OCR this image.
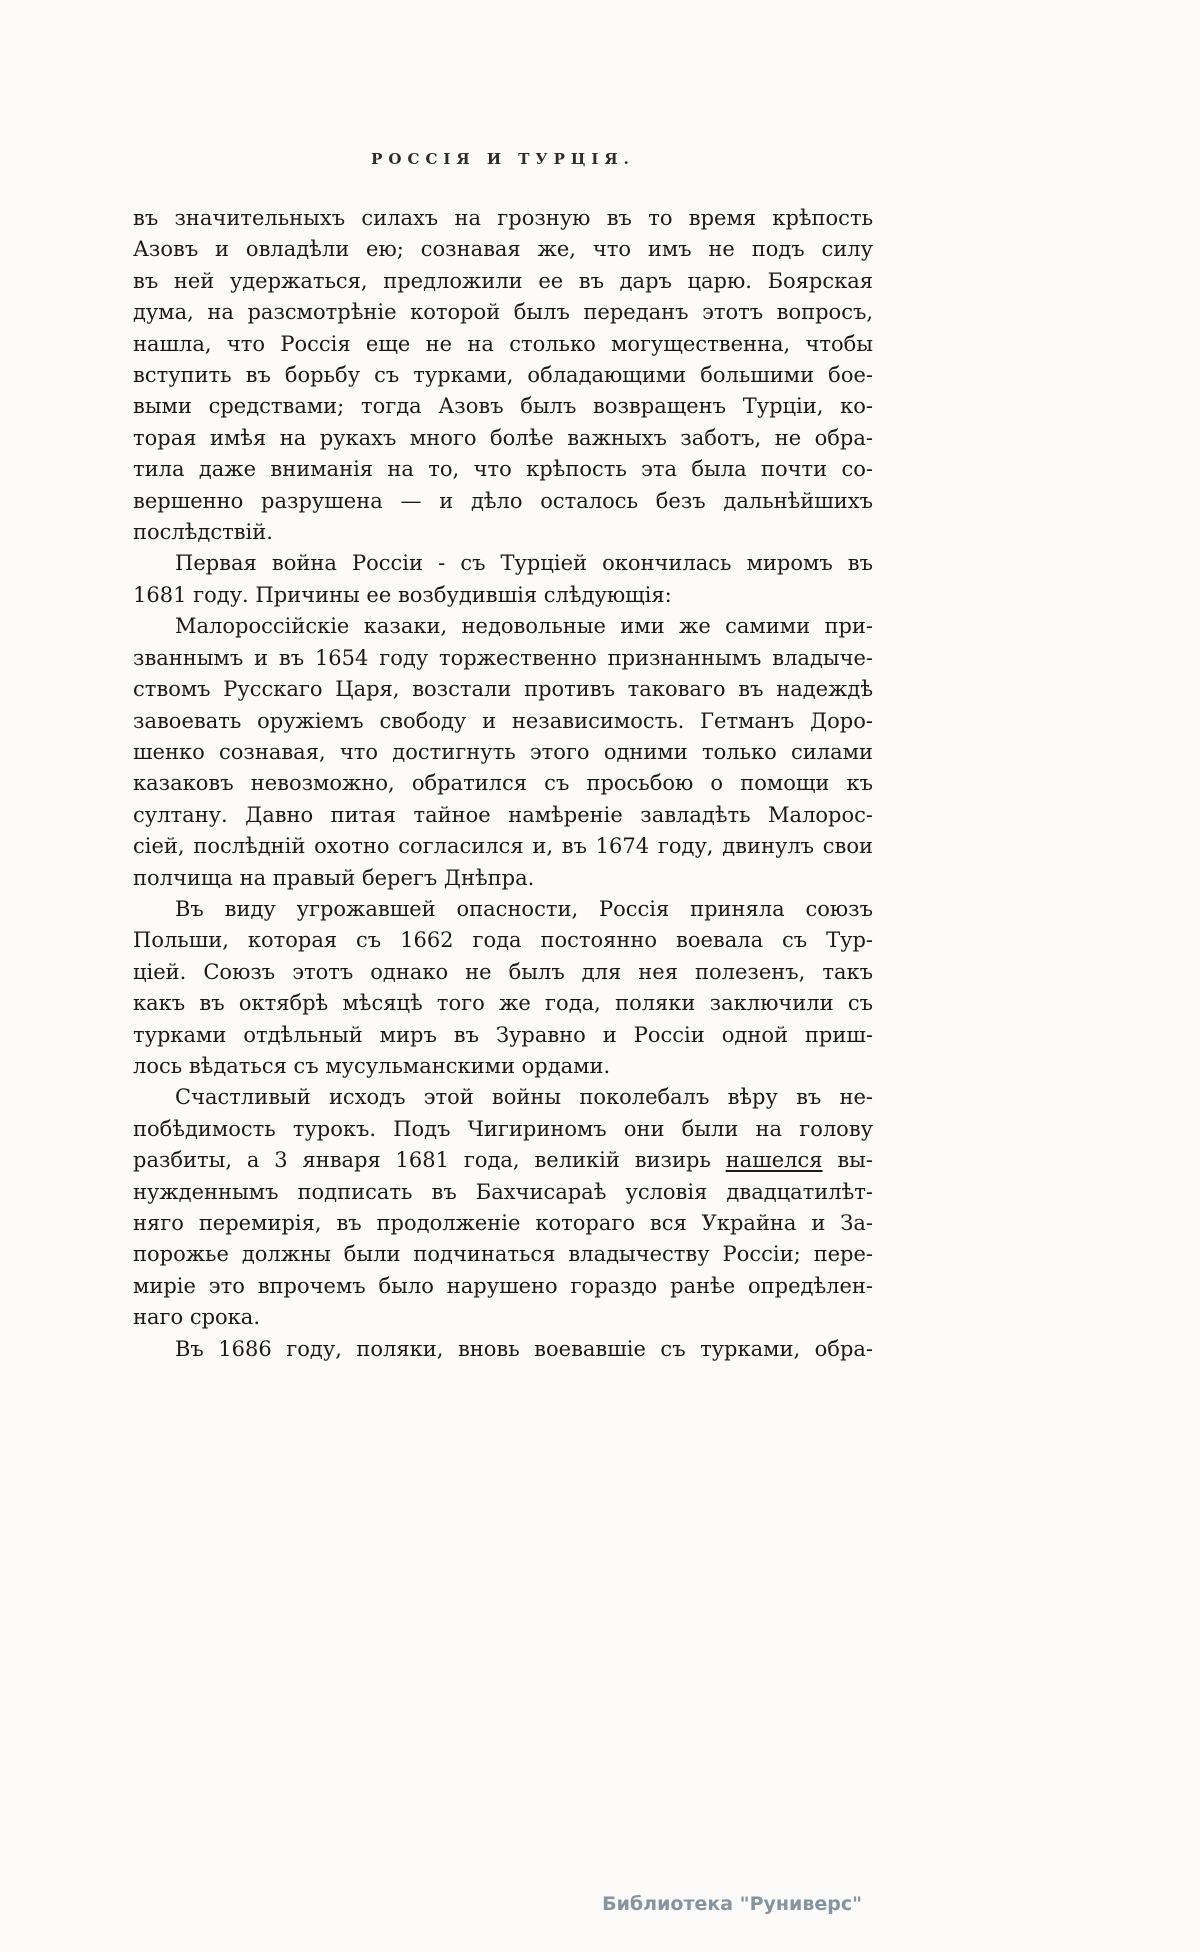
РОССІЯ И ТУРЦІЯ.
въ значительныхъ силахъ на грозную въ то время крѣпость
Азовъ и овладѣли ею; сознавая же, что имъ не подъ силу
въ ней удержаться, предложили ее въ даръ царю. Боярская
дума, на разсмотрѣніе которой былъ переданъ этотъ вопросъ,
нашла, что Россія еще не на столько могущественна, чтобы
вступить въ борьбу съ турками, обладающими большими бое-
выми средствами; тогда Азовъ былъ возвращенъ Турціи, ко-
торая имѣя на рукахъ много болѣе важныхъ заботъ, не обра-
тила даже вниманія на то, что крѣпость эта была почти со-
вершенно разрушена — и дѣло осталось безъ дальнѣйшихъ
послѣдствій.
Первая война Россіи - съ Турціей окончилась миромъ въ
1681 году. Причины ее возбудившія слѣдующія:
Малороссійскіе казаки, недовольные ими же самими при-
званнымъ и въ 1654 году торжественно признаннымъ владыче-
ствомъ Русскаго Царя, возстали противъ таковаго въ надеждѣ
завоевать оружіемъ свободу и независимость. Гетманъ Доро-
шенко сознавая, что достигнуть этого одними только силами
казаковъ невозможно, обратился съ просьбою о помощи къ
султану. Давно питая тайное намѣреніе завладѣть Малорос-
сіей, послѣдній охотно согласился и, въ 1674 году, двинулъ свои
полчища на правый берегъ Днѣпра.
Въ виду угрожавшей опасности, Россія приняла союзъ
Польши, которая съ 1662 года постоянно воевала съ Тур-
ціей. Союзъ этотъ однако не былъ для нея полезенъ, такъ
какъ въ октябрѣ мѣсяцѣ того же года, поляки заключили съ
турками отдѣльный миръ въ Зуравно и Россіи одной приш-
лось вѣдаться съ мусульманскими ордами.
Счастливый исходъ этой войны поколебалъ вѣру въ не-
побѣдимость турокъ. Подъ Чигириномъ они были на голову
разбиты, а 3 января 1681 года, великій визирь нашелся вы-
нужденнымъ подписать въ Бахчисараѣ условія двадцатилѣт-
няго перемирія, въ продолженіе котораго вся Украйна и За-
порожье должны были подчинаться владычеству Россіи; пере-
миріе это впрочемъ было нарушено гораздо ранѣе опредѣлен-
наго срока.
Въ 1686 году, поляки, вновь воевавшіе съ турками, обра-
Библиотека "Руниверс"
